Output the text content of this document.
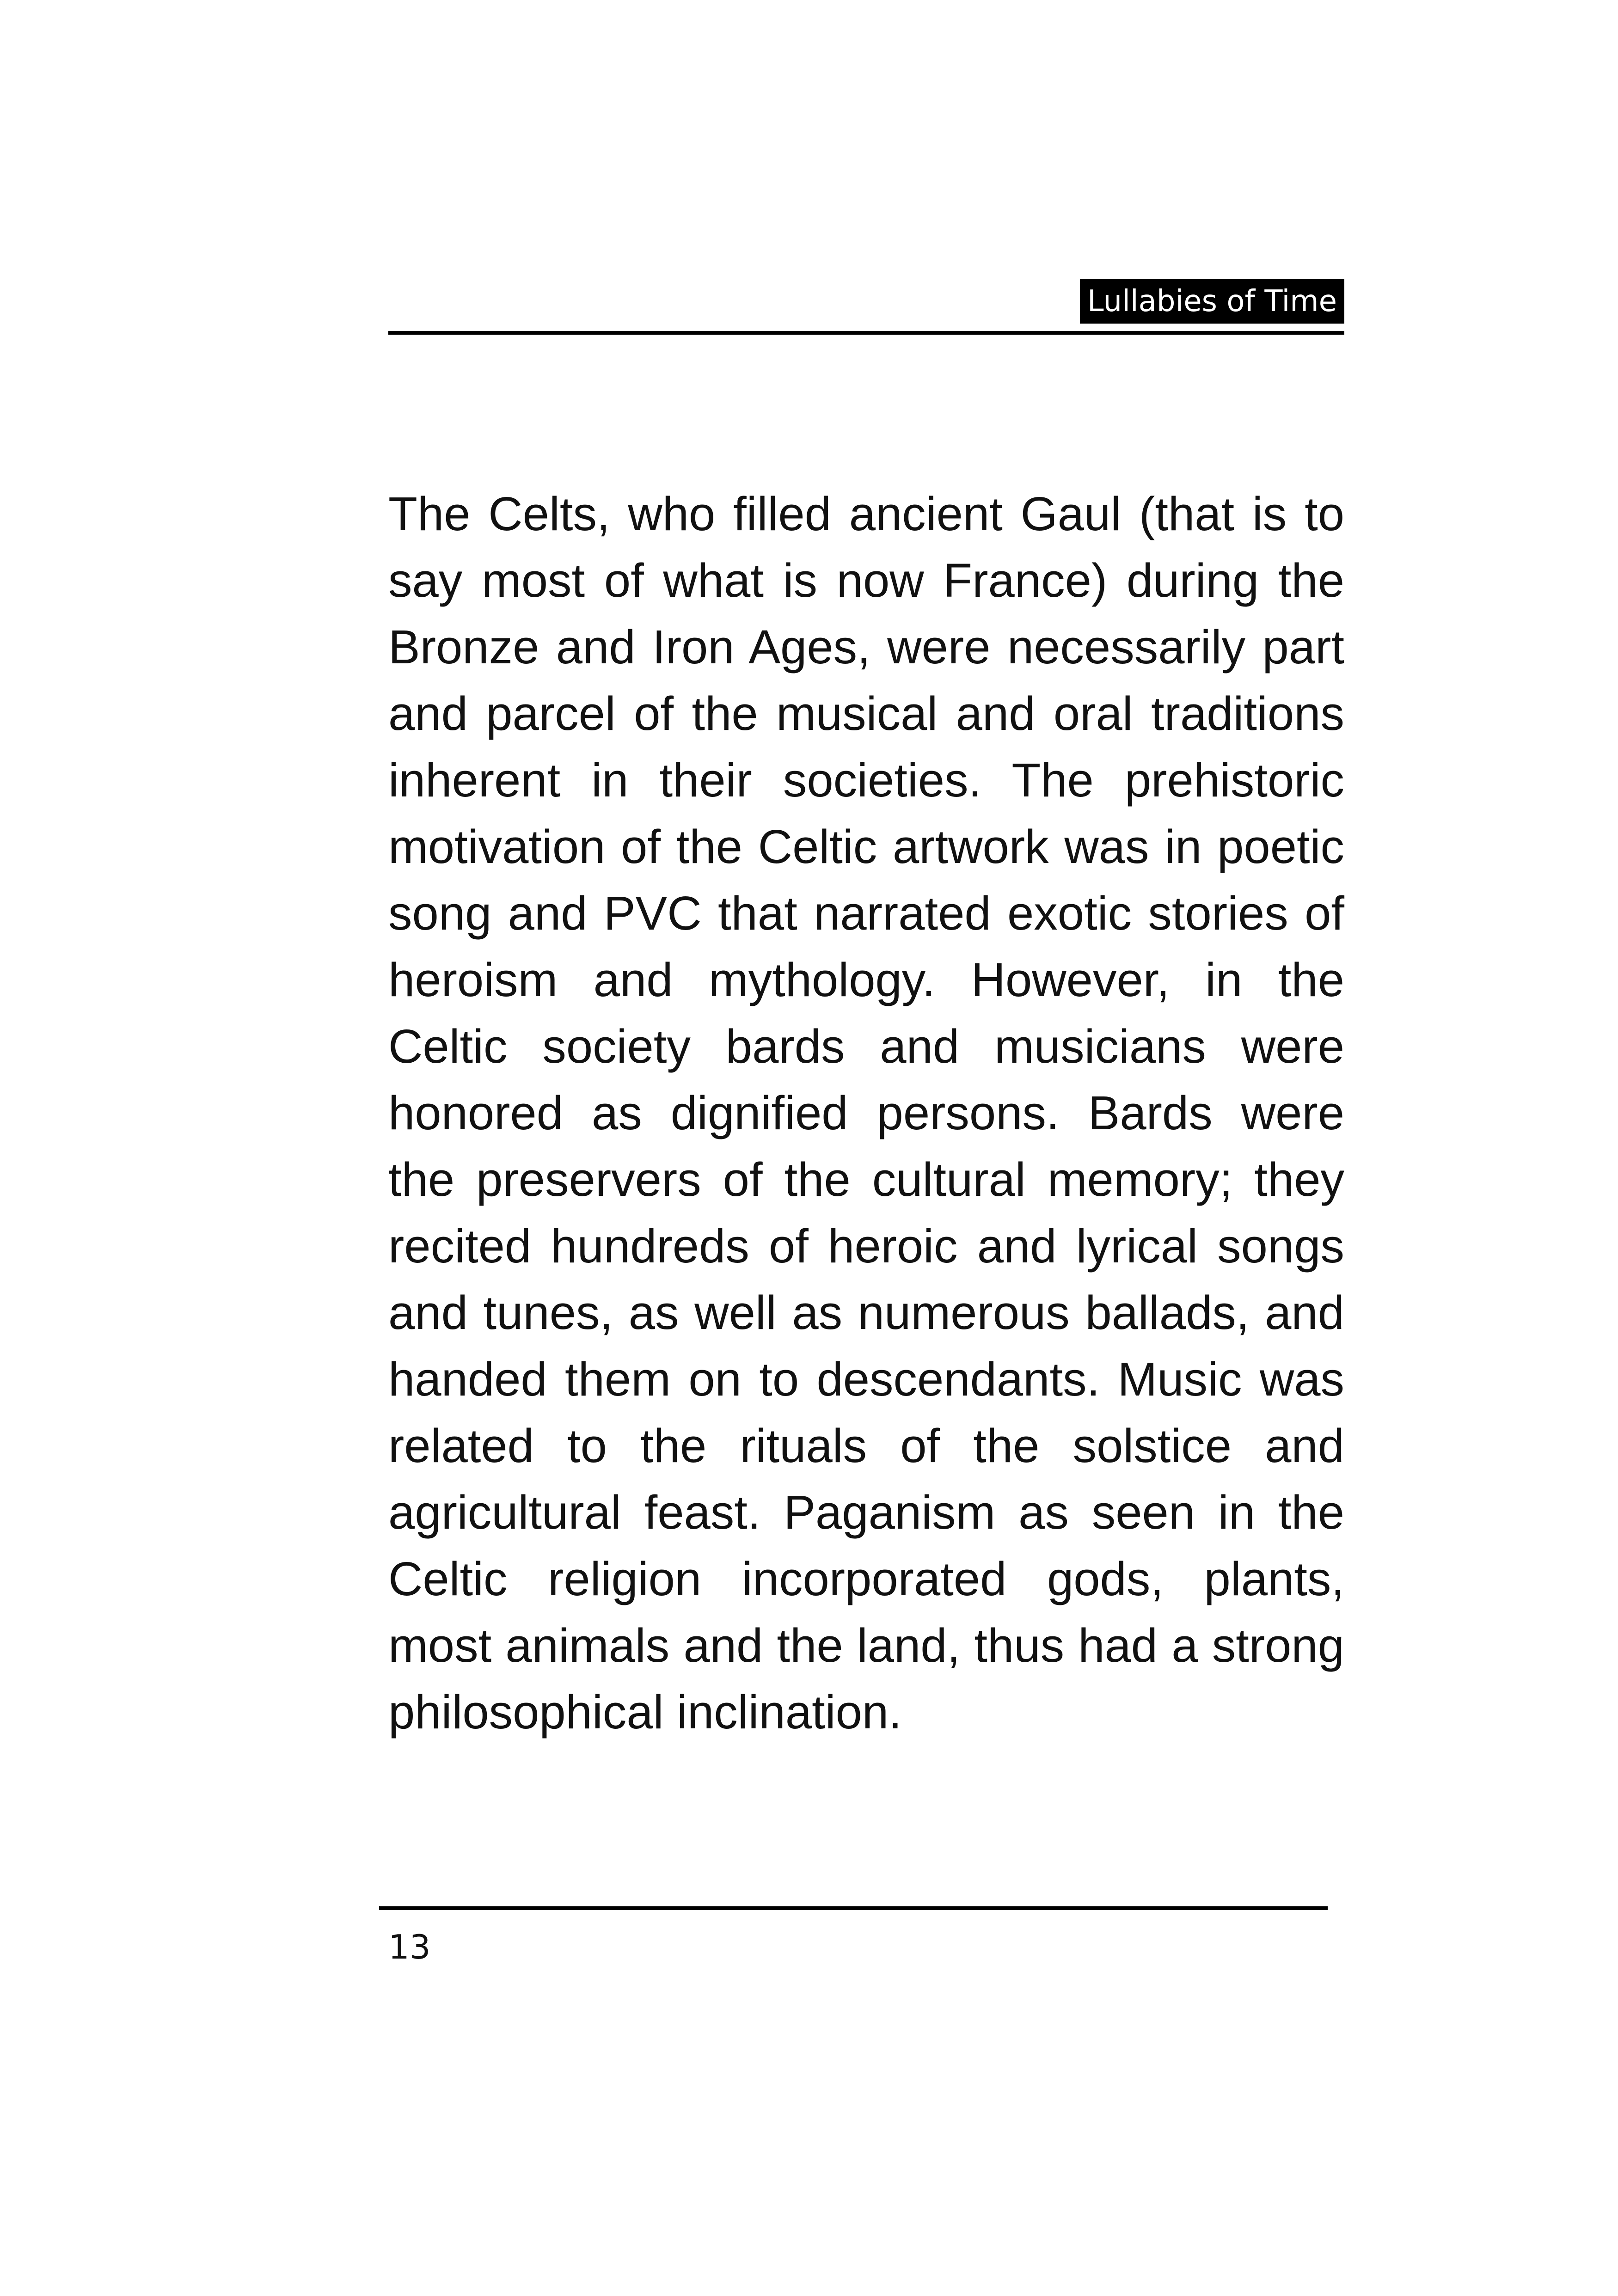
Lullabies of Time

The Celts, who filled ancient Gaul (that is to say most of what is now France) during the Bronze and Iron Ages, were necessarily part and parcel of the musical and oral traditions inherent in their societies. The prehistoric motivation of the Celtic artwork was in poetic song and PVC that narrated exotic stories of heroism and mythology. However, in the Celtic society bards and musicians were honored as dignified persons. Bards were the preservers of the cultural memory; they recited hundreds of heroic and lyrical songs and tunes, as well as numerous ballads, and handed them on to descendants. Music was related to the rituals of the solstice and agricultural feast. Paganism as seen in the Celtic religion incorporated gods, plants, most animals and the land, thus had a strong philosophical inclination.

13
